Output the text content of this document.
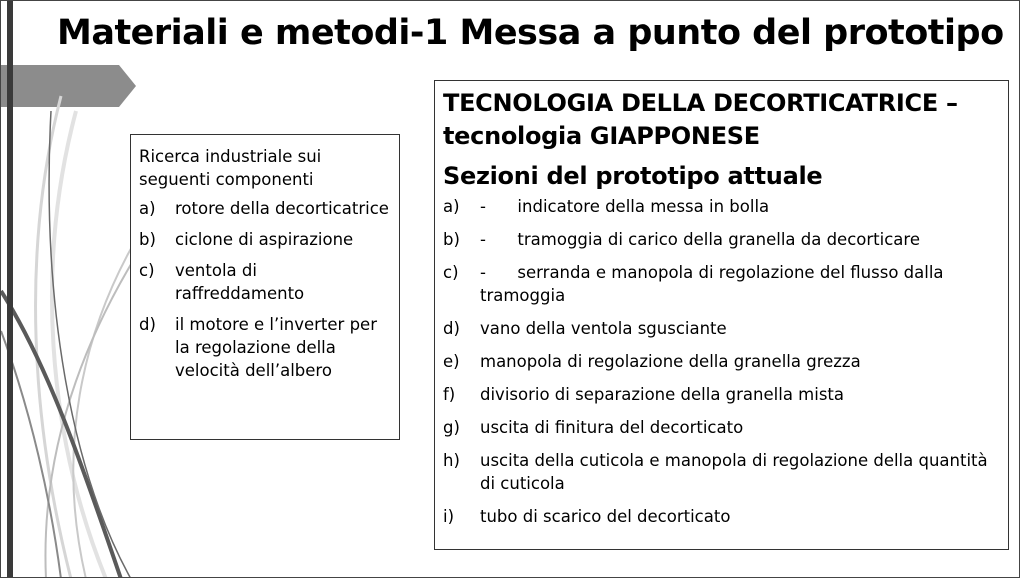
Materiali e metodi-1 Messa a punto del prototipo
Ricerca industriale sui seguenti componenti
a)	rotore della decorticatrice
b)	ciclone di aspirazione
c)	ventola di raffreddamento
d)	il motore e l’inverter per la regolazione della velocità dell’albero
TECNOLOGIA DELLA DECORTICATRICE –
tecnologia GIAPPONESE
Sezioni del prototipo attuale
a)	-      indicatore della messa in bolla
b)	-      tramoggia di carico della granella da decorticare
c)	-      serranda e manopola di regolazione del flusso dalla tramoggia
d)	vano della ventola sgusciante
e)	manopola di regolazione della granella grezza
f)	divisorio di separazione della granella mista
g)	uscita di finitura del decorticato
h)	uscita della cuticola e manopola di regolazione della quantità di cuticola
i)	tubo di scarico del decorticato
